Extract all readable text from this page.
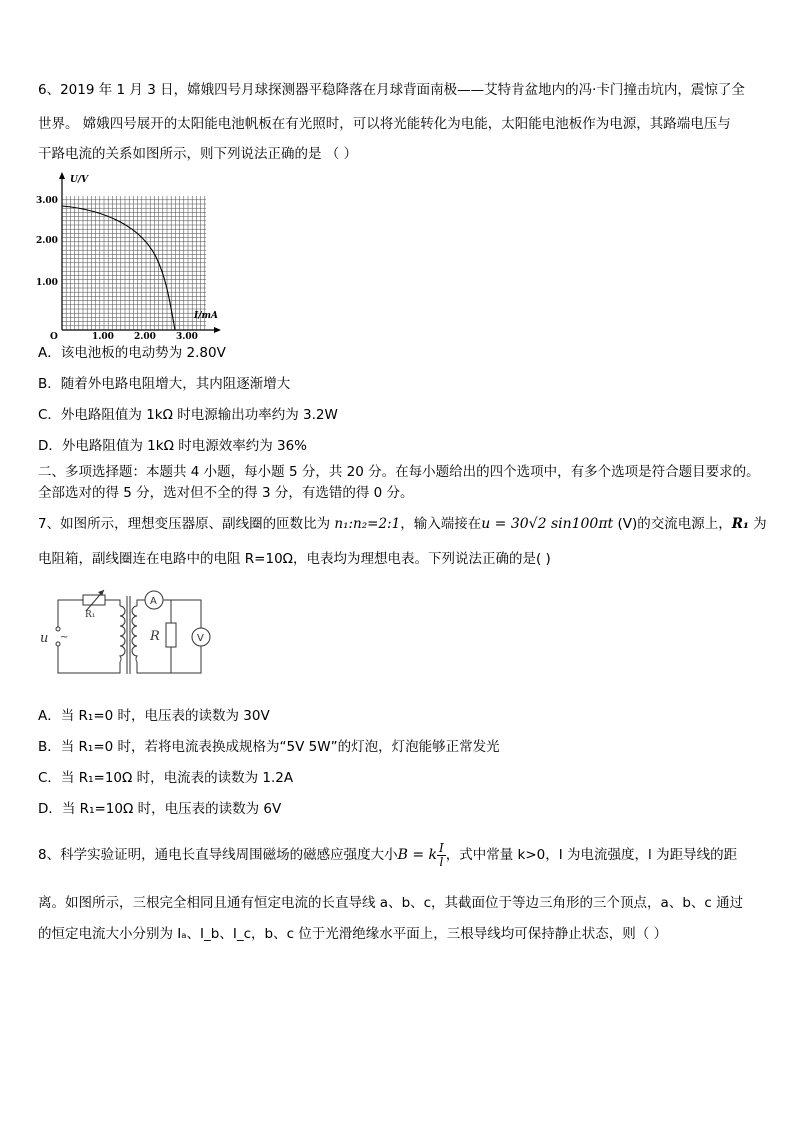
6、2019 年 1 月 3 日，嫦娥四号月球探测器平稳降落在月球背面南极——艾特肯盆地内的冯·卡门撞击坑内，震惊了全
世界。 嫦娥四号展开的太阳能电池帆板在有光照时，可以将光能转化为电能，太阳能电池板作为电源，其路端电压与
干路电流的关系如图所示，则下列说法正确的是 （ ）
U/V
I/mA
O
3.00
2.00
1.00
1.00 2.00 3.00
A．该电池板的电动势为 2.80V
B．随着外电路电阻增大，其内阻逐渐增大
C．外电路阻值为 1kΩ 时电源输出功率约为 3.2W
D．外电路阻值为 1kΩ 时电源效率约为 36%
二、多项选择题：本题共 4 小题，每小题 5 分，共 20 分。在每小题给出的四个选项中，有多个选项是符合题目要求的。
全部选对的得 5 分，选对但不全的得 3 分，有选错的得 0 分。
7、如图所示，理想变压器原、副线圈的匝数比为 n₁:n₂=2:1，输入端接在u = 30√2 sin100πt (V)的交流电源上，R₁ 为
电阻箱，副线圈连在电路中的电阻 R=10Ω，电表均为理想电表。下列说法正确的是( )
u ~
R₁
A
R	V
A．当 R₁=0 时，电压表的读数为 30V
B．当 R₁=0 时，若将电流表换成规格为“5V 5W”的灯泡，灯泡能够正常发光
C．当 R₁=10Ω 时，电流表的读数为 1.2A
D．当 R₁=10Ω 时，电压表的读数为 6V
8、科学实验证明，通电长直导线周围磁场的磁感应强度大小B = k $\frac{I}{l}$ ，式中常量 k>0，I 为电流强度，l 为距导线的距
离。如图所示，三根完全相同且通有恒定电流的长直导线 a、b、c，其截面位于等边三角形的三个顶点，a、b、c 通过
的恒定电流大小分别为 Iₐ、I_b、I_c，b、c 位于光滑绝缘水平面上，三根导线均可保持静止状态，则（ ）
